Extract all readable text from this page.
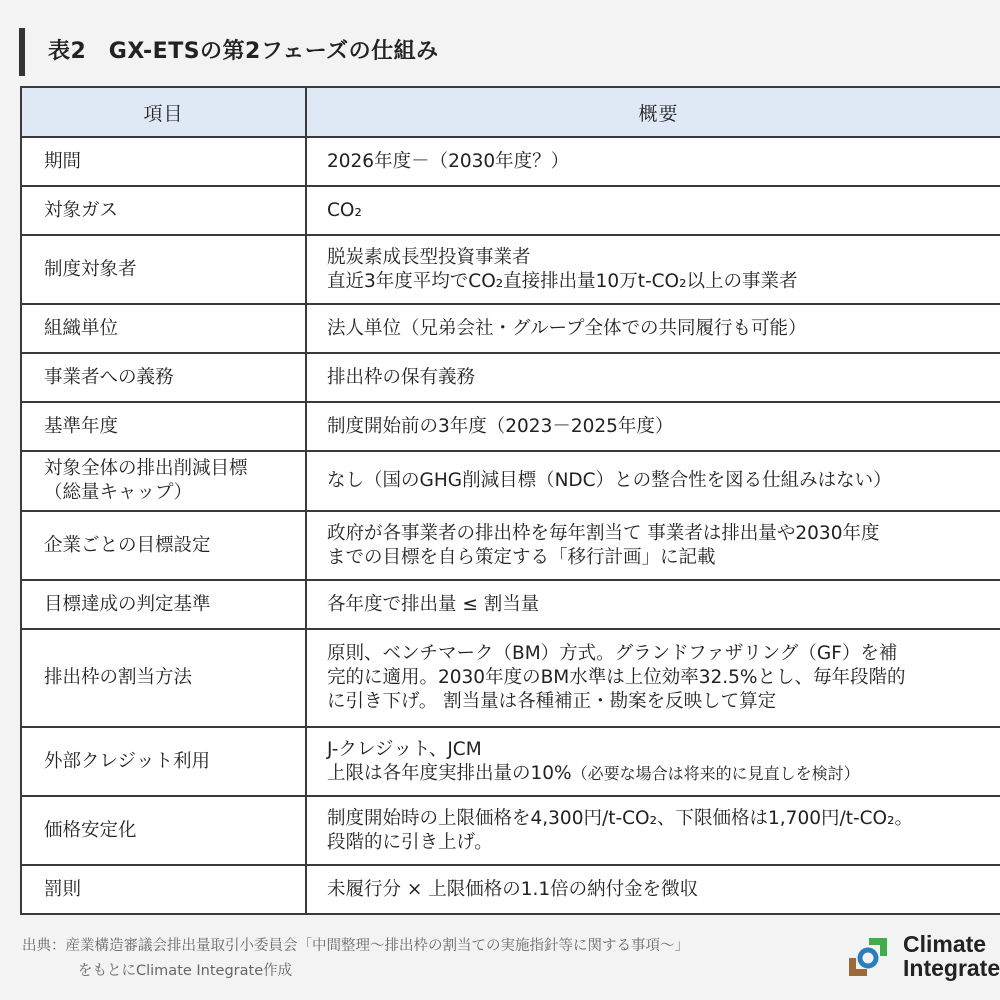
表2　GX-ETSの第2フェーズの仕組み
項目	概要
期間	2026年度－（2030年度？）
対象ガス	CO₂
制度対象者	脱炭素成長型投資事業者
直近3年度平均でCO₂直接排出量10万t-CO₂以上の事業者

組織単位	法人単位（兄弟会社・グループ全体での共同履行も可能）
事業者への義務	排出枠の保有義務
基準年度	制度開始前の3年度（2023－2025年度）

対象全体の排出削減目標
（総量キャップ）	なし（国のGHG削減目標（NDC）との整合性を図る仕組みはない）
企業ごとの目標設定	政府が各事業者の排出枠を毎年割当て 事業者は排出量や2030年度
までの目標を自ら策定する「移行計画」に記載

目標達成の判定基準	各年度で排出量 ≤ 割当量
排出枠の割当方法	原則、ベンチマーク（BM）方式。グランドファザリング（GF）を補
完的に適用。2030年度のBM水準は上位効率32.5%とし、毎年段階的
に引き下げ。 割当量は各種補正・勘案を反映して算定

外部クレジット利用	J-クレジット、JCM
上限は各年度実排出量の10%（必要な場合は将来的に見直しを検討）

価格安定化	制度開始時の上限価格を4,300円/t-CO₂、下限価格は1,700円/t-CO₂。
段階的に引き上げ。

罰則	未履行分 × 上限価格の1.1倍の納付金を徴収
出典：産業構造審議会排出量取引小委員会「中間整理〜排出枠の割当ての実施指針等に関する事項〜」
をもとにClimate Integrate作成
Climate
Integrate
